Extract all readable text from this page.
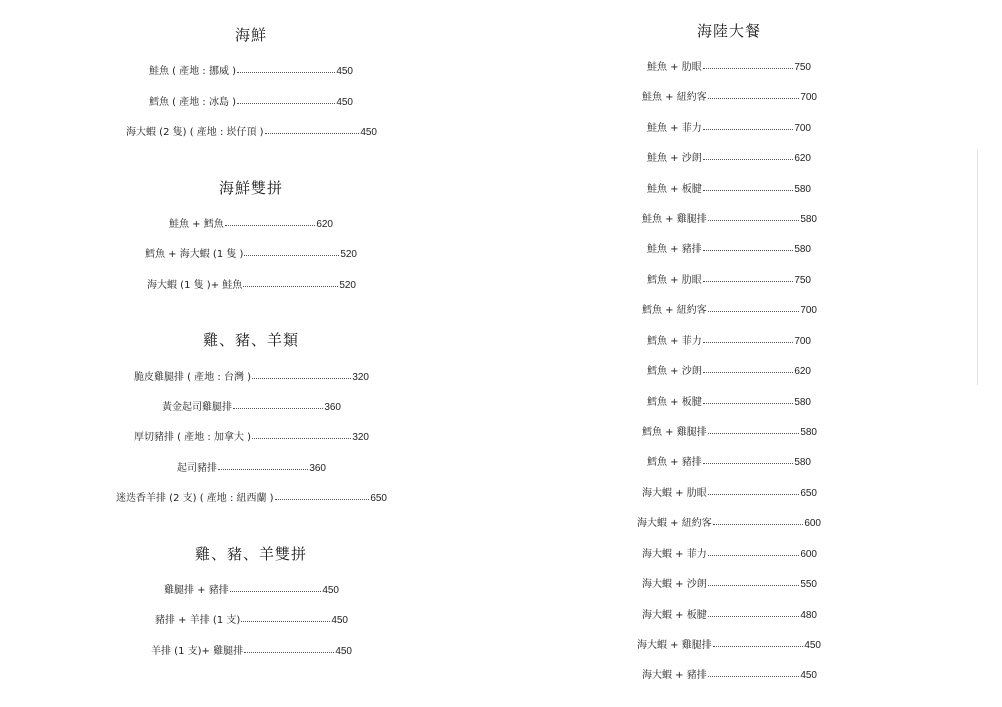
海鮮
鮭魚 ( 產地 : 挪威 )	450
鱈魚 ( 產地 : 冰島 )	450
海大蝦 (2 隻) ( 產地 : 崁仔頂 )	450
海鮮雙拼
鮭魚 + 鱈魚	620
鱈魚 + 海大蝦 (1 隻 )	520
海大蝦 (1 隻 )+ 鮭魚	520
雞、豬、羊類
脆皮雞腿排 ( 產地 : 台灣 )	320
黃金起司雞腿排	360
厚切豬排 ( 產地 : 加拿大 )	320
起司豬排	360
迷迭香羊排 (2 支) ( 產地 : 紐西蘭 )	650
雞、豬、羊雙拼
雞腿排 + 豬排	450
豬排 + 羊排 (1 支)	450
羊排 (1 支)+ 雞腿排	450
海陸大餐
鮭魚 + 肋眼	750
鮭魚 + 紐約客	700
鮭魚 + 菲力	700
鮭魚 + 沙朗	620
鮭魚 + 板腱	580
鮭魚 + 雞腿排	580
鮭魚 + 豬排	580
鱈魚 + 肋眼	750
鱈魚 + 紐約客	700
鱈魚 + 菲力	700
鱈魚 + 沙朗	620
鱈魚 + 板腱	580
鱈魚 + 雞腿排	580
鱈魚 + 豬排	580
海大蝦 + 肋眼	650
海大蝦 + 紐約客	600
海大蝦 + 菲力	600
海大蝦 + 沙朗	550
海大蝦 + 板腱	480
海大蝦 + 雞腿排	450
海大蝦 + 豬排	450
